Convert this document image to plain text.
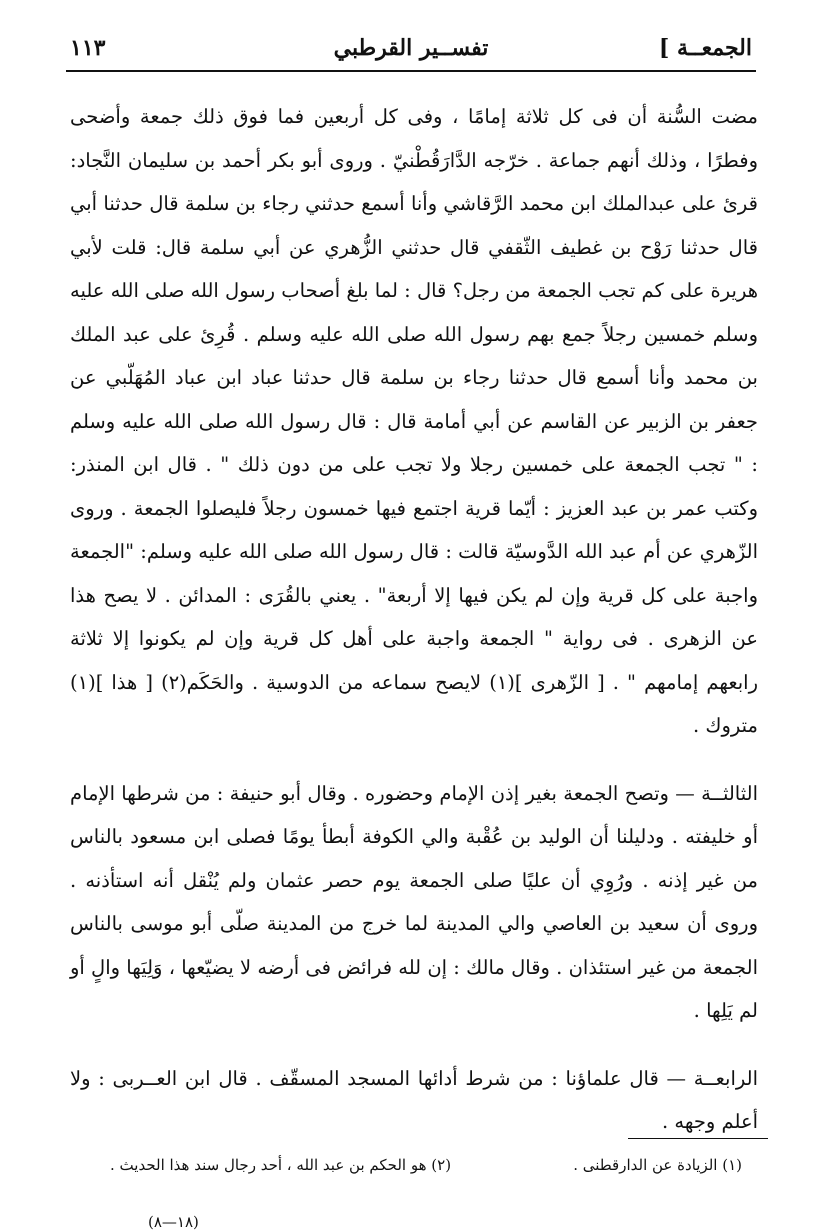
الجمعــة ]
تفســير القرطبي
١١٣

مضت السُّنة أن فى كل ثلاثة إمامًا ، وفى كل أربعين فما فوق ذلك جمعة وأضحى وفطرًا ، وذلك أنهم جماعة . خرّجه الدَّارَقُطْنيّ . وروى أبو بكر أحمد بن سليمان النَّجاد: قرئ على عبدالملك ابن محمد الرَّقاشي وأنا أسمع حدثني رجاء بن سلمة قال حدثنا أبي قال حدثنا رَوْح بن غطيف الثّقفي قال حدثني الزُّهري عن أبي سلمة قال: قلت لأبي هريرة على كم تجب الجمعة من رجل؟ قال : لما بلغ أصحاب رسول الله صلى الله عليه وسلم خمسين رجلاً جمع بهم رسول الله صلى الله عليه وسلم . قُرِئ على عبد الملك بن محمد وأنا أسمع قال حدثنا رجاء بن سلمة قال حدثنا عباد ابن عباد المُهَلّبي عن جعفر بن الزبير عن القاسم عن أبي أمامة قال : قال رسول الله صلى الله عليه وسلم : " تجب الجمعة على خمسين رجلا ولا تجب على من دون ذلك " . قال ابن المنذر: وكتب عمر بن عبد العزيز : أيّما قرية اجتمع فيها خمسون رجلاً فليصلوا الجمعة . وروى الزّهري عن أم عبد الله الدَّوسيّة قالت : قال رسول الله صلى الله عليه وسلم: "الجمعة واجبة على كل قرية وإن لم يكن فيها إلا أربعة" . يعني بالقُرَى : المدائن . لا يصح هذا عن الزهرى . فى رواية " الجمعة واجبة على أهل كل قرية وإن لم يكونوا إلا ثلاثة رابعهم إمامهم " . [ الزّهرى ](١) لايصح سماعه من الدوسية . والحَكَم(٢) [ هذا ](١) متروك .

الثالثــة — وتصح الجمعة بغير إذن الإمام وحضوره . وقال أبو حنيفة : من شرطها الإمام أو خليفته . ودليلنا أن الوليد بن عُقْبة والي الكوفة أبطأ يومًا فصلى ابن مسعود بالناس من غير إذنه . ورُوِي أن عليًا صلى الجمعة يوم حصر عثمان ولم يُنْقل أنه استأذنه . وروى أن سعيد بن العاصي والي المدينة لما خرج من المدينة صلّى أبو موسى بالناس الجمعة من غير استئذان . وقال مالك : إن لله فرائض فى أرضه لا يضيّعها ، وَلِيَها والٍ أو لم يَلِها .

الرابعــة — قال علماؤنا : من شرط أدائها المسجد المسقّف . قال ابن العــربى : ولا أعلم وجهه .

(١) الزيادة عن الدارقطنى .
(٢) هو الحكم بن عبد الله ، أحد رجال سند هذا الحديث .
(١٨—٨)
